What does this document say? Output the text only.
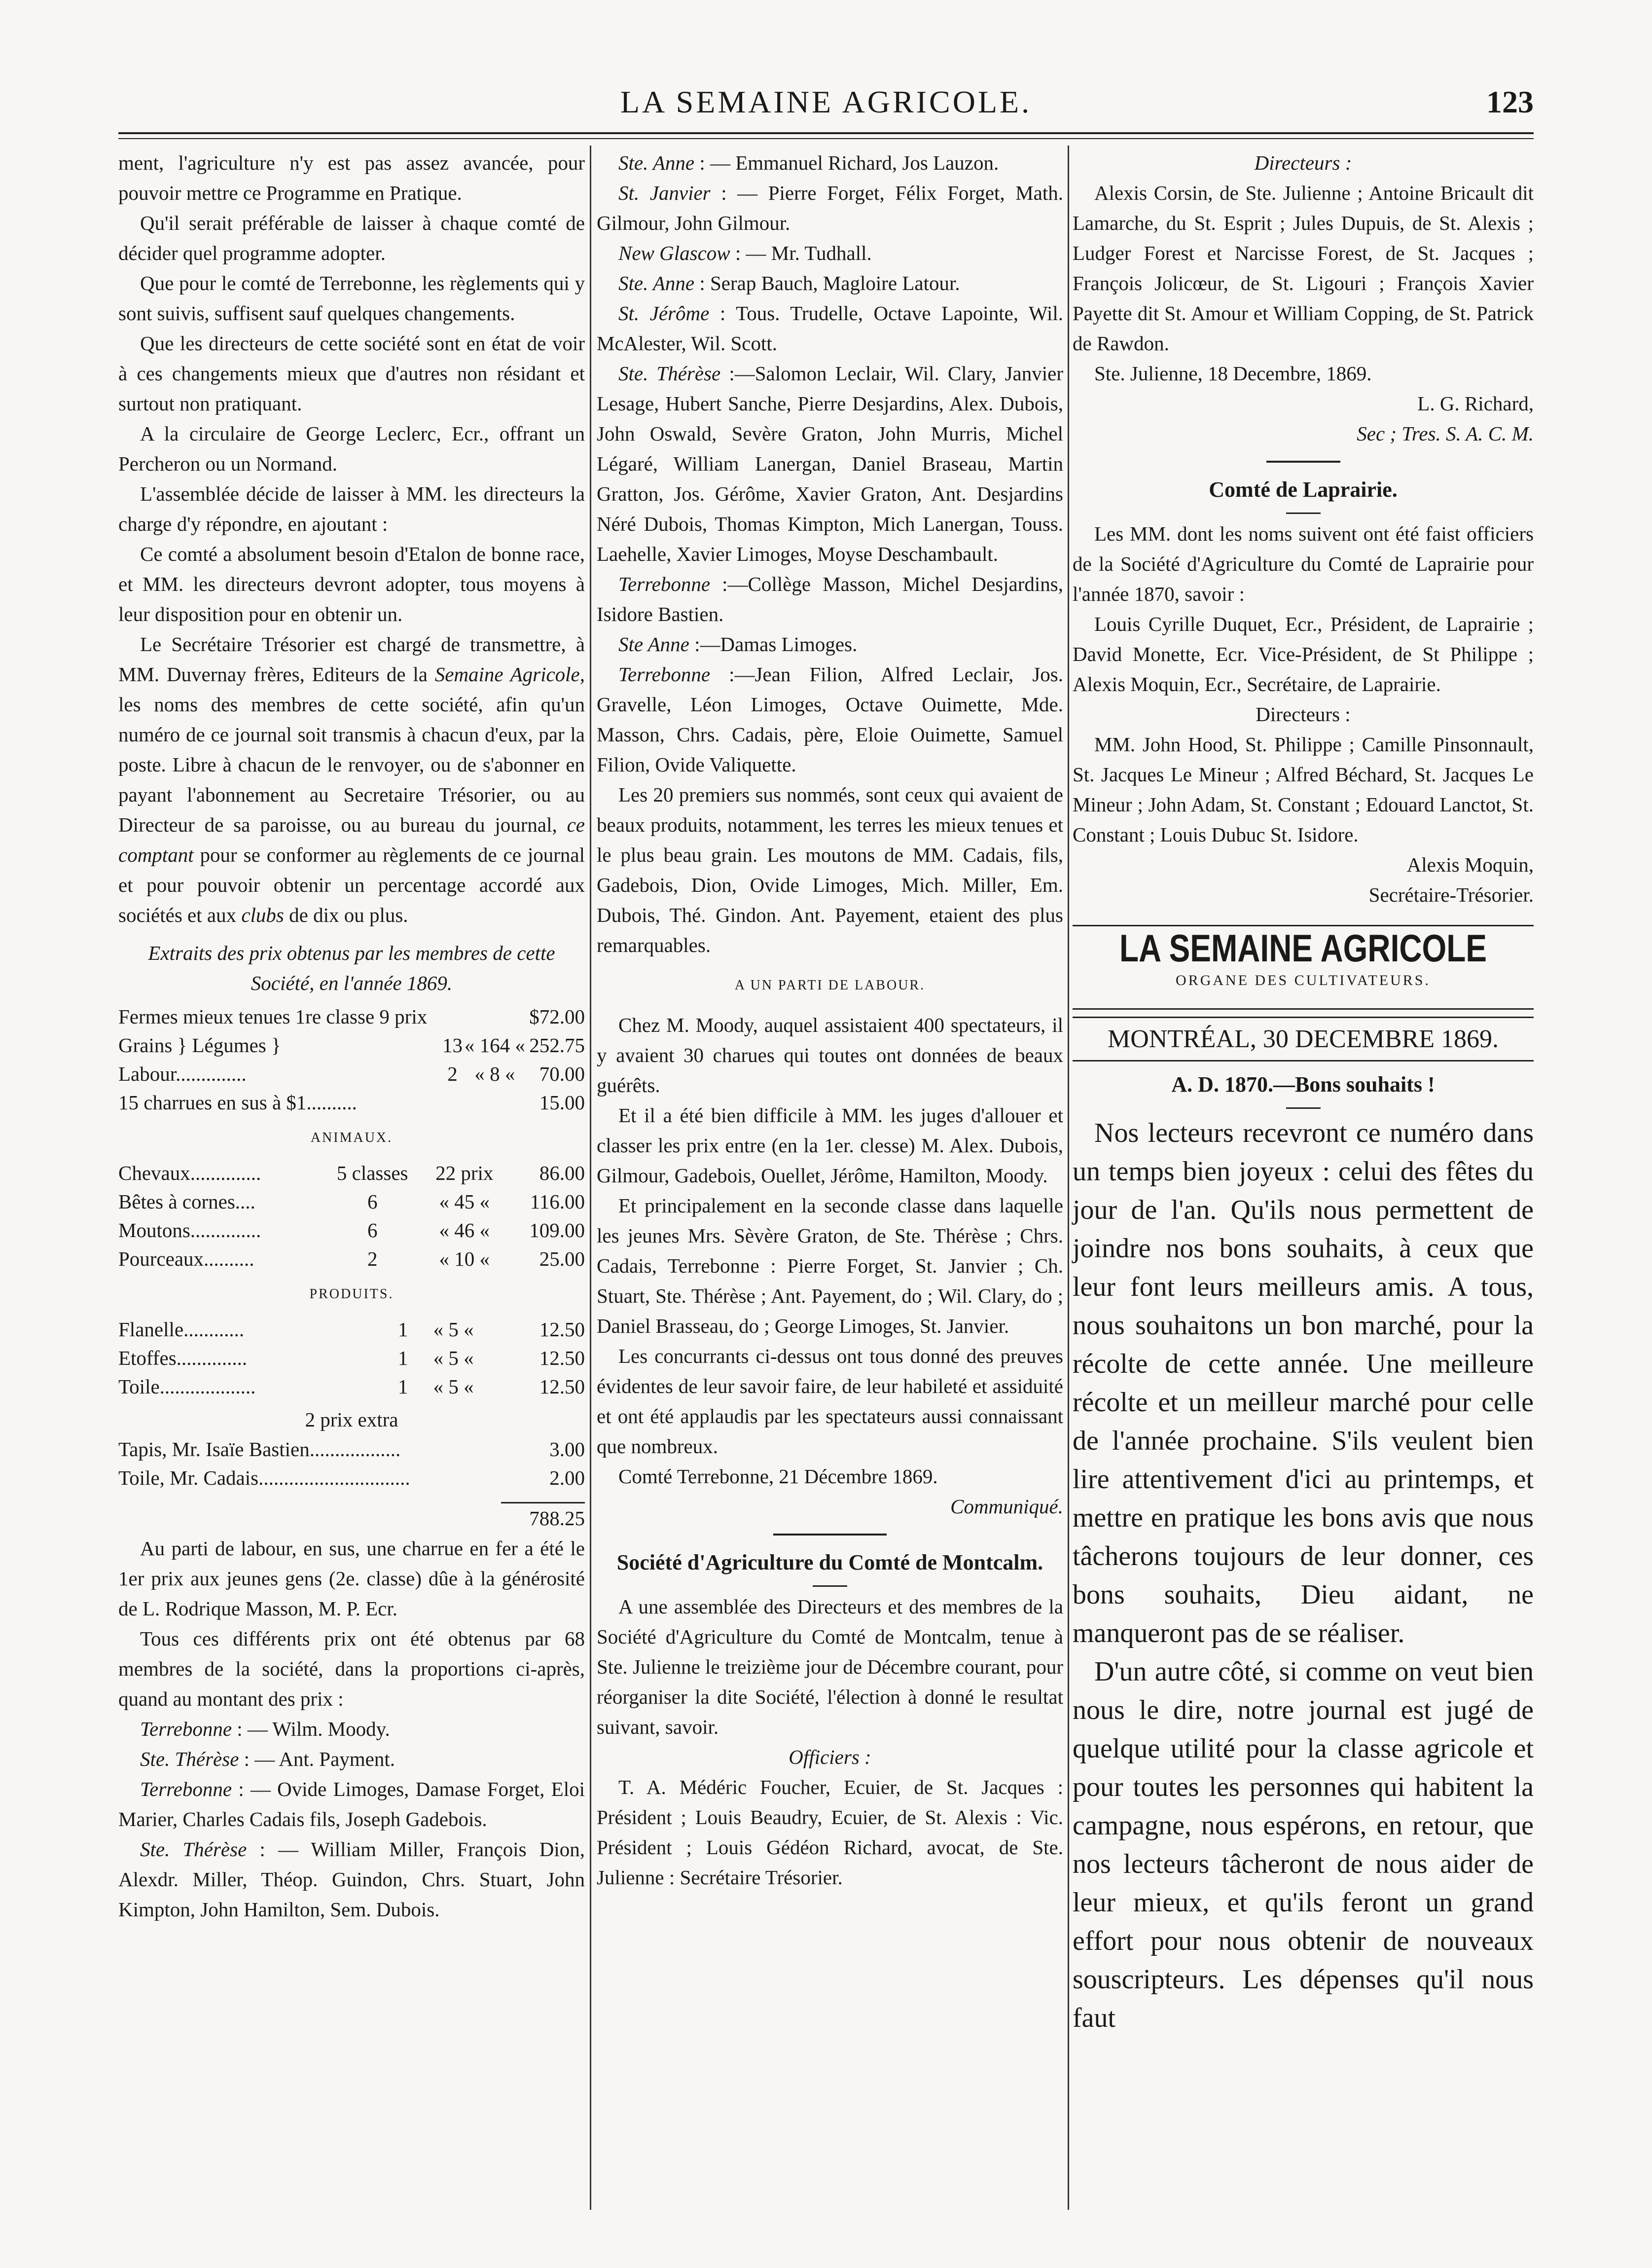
LA SEMAINE AGRICOLE.	123

ment, l'agriculture n'y est pas assez avancée, pour pouvoir mettre ce Programme en Pratique.

Qu'il serait préférable de laisser à chaque comté de décider quel programme adopter.

Que pour le comté de Terrebonne, les règlements qui y sont suivis, suffisent sauf quelques changements.

Que les directeurs de cette société sont en état de voir à ces changements mieux que d'autres non résidant et surtout non pratiquant.

A la circulaire de George Leclerc, Ecr., offrant un Percheron ou un Normand.

L'assemblée décide de laisser à MM. les directeurs la charge d'y répondre, en ajoutant :

Ce comté a absolument besoin d'Etalon de bonne race, et MM. les directeurs devront adopter, tous moyens à leur disposition pour en obtenir un.

Le Secrétaire Trésorier est chargé de transmettre, à MM. Duvernay frères, Editeurs de la Semaine Agricole, les noms des membres de cette société, afin qu'un numéro de ce journal soit transmis à chacun d'eux, par la poste. Libre à chacun de le renvoyer, ou de s'abonner en payant l'abonnement au Secretaire Trésorier, ou au Directeur de sa paroisse, ou au bureau du journal, ce comptant pour se conformer au règlements de ce journal et pour pouvoir obtenir un percentage accordé aux sociétés et aux clubs de dix ou plus.

Extraits des prix obtenus par les membres de cette Société, en l'année 1869.

Fermes mieux tenues 1re classe 9 prix			$72.00
Grains } Légumes }	13	« 164 «	252.75
Labour..............	2	« 8 «	70.00
15 charrues en sus à $1..........			15.00
ANIMAUX.
Chevaux..............	5 classes	22 prix	86.00
Bêtes à cornes....	6	« 45 «	116.00
Moutons..............	6	« 46 «	109.00
Pourceaux..........	2	« 10 «	25.00
PRODUITS.
Flanelle............	1	« 5 «	12.50
Etoffes..............	1	« 5 «	12.50
Toile...................	1	« 5 «	12.50

2 prix extra

Tapis, Mr. Isaïe Bastien..................	3.00
Toile, Mr. Cadais..............................	2.00
788.25

Au parti de labour, en sus, une charrue en fer a été le 1er prix aux jeunes gens (2e. classe) dûe à la générosité de L. Rodrique Masson, M. P. Ecr.

Tous ces différents prix ont été obtenus par 68 membres de la société, dans la proportions ci-après, quand au montant des prix :

Terrebonne : — Wilm. Moody.

Ste. Thérèse : — Ant. Payment.

Terrebonne : — Ovide Limoges, Damase Forget, Eloi Marier, Charles Cadais fils, Joseph Gadebois.

Ste. Thérèse : — William Miller, François Dion, Alexdr. Miller, Théop. Guindon, Chrs. Stuart, John Kimpton, John Hamilton, Sem. Dubois.

Ste. Anne : — Emmanuel Richard, Jos Lauzon.

St. Janvier : — Pierre Forget, Félix Forget, Math. Gilmour, John Gilmour.

New Glascow : — Mr. Tudhall.

Ste. Anne : Serap Bauch, Magloire Latour.

St. Jérôme : Tous. Trudelle, Octave Lapointe, Wil. McAlester, Wil. Scott.

Ste. Thérèse :—Salomon Leclair, Wil. Clary, Janvier Lesage, Hubert Sanche, Pierre Desjardins, Alex. Dubois, John Oswald, Sevère Graton, John Murris, Michel Légaré, William Lanergan, Daniel Braseau, Martin Gratton, Jos. Gérôme, Xavier Graton, Ant. Desjardins Néré Dubois, Thomas Kimpton, Mich Lanergan, Touss. Laehelle, Xavier Limoges, Moyse Deschambault.

Terrebonne :—Collège Masson, Michel Desjardins, Isidore Bastien.

Ste Anne :—Damas Limoges.

Terrebonne :—Jean Filion, Alfred Leclair, Jos. Gravelle, Léon Limoges, Octave Ouimette, Mde. Masson, Chrs. Cadais, père, Eloie Ouimette, Samuel Filion, Ovide Valiquette.

Les 20 premiers sus nommés, sont ceux qui avaient de beaux produits, notamment, les terres les mieux tenues et le plus beau grain. Les moutons de MM. Cadais, fils, Gadebois, Dion, Ovide Limoges, Mich. Miller, Em. Dubois, Thé. Gindon. Ant. Payement, etaient des plus remarquables.

A UN PARTI DE LABOUR.

Chez M. Moody, auquel assistaient 400 spectateurs, il y avaient 30 charues qui toutes ont données de beaux guérêts.

Et il a été bien difficile à MM. les juges d'allouer et classer les prix entre (en la 1er. clesse) M. Alex. Dubois, Gilmour, Gadebois, Ouellet, Jérôme, Hamilton, Moody.

Et principalement en la seconde classe dans laquelle les jeunes Mrs. Sèvère Graton, de Ste. Thérèse ; Chrs. Cadais, Terrebonne : Pierre Forget, St. Janvier ; Ch. Stuart, Ste. Thérèse ; Ant. Payement, do ; Wil. Clary, do ; Daniel Brasseau, do ; George Limoges, St. Janvier.

Les concurrants ci-dessus ont tous donné des preuves évidentes de leur savoir faire, de leur habileté et assiduité et ont été applaudis par les spectateurs aussi connaissant que nombreux.

Comté Terrebonne, 21 Décembre 1869.

Communiqué.

Société d'Agriculture du Comté de Montcalm.

A une assemblée des Directeurs et des membres de la Société d'Agriculture du Comté de Montcalm, tenue à Ste. Julienne le treizième jour de Décembre courant, pour réorganiser la dite Société, l'élection à donné le resultat suivant, savoir.

Officiers :

T. A. Médéric Foucher, Ecuier, de St. Jacques : Président ; Louis Beaudry, Ecuier, de St. Alexis : Vic. Président ; Louis Gédéon Richard, avocat, de Ste. Julienne : Secrétaire Trésorier.

Directeurs :

Alexis Corsin, de Ste. Julienne ; Antoine Bricault dit Lamarche, du St. Esprit ; Jules Dupuis, de St. Alexis ; Ludger Forest et Narcisse Forest, de St. Jacques ; François Jolicœur, de St. Ligouri ; François Xavier Payette dit St. Amour et William Copping, de St. Patrick de Rawdon.

Ste. Julienne, 18 Decembre, 1869.

L. G. Richard,

Sec ; Tres. S. A. C. M.

Comté de Laprairie.

Les MM. dont les noms suivent ont été faist officiers de la Société d'Agriculture du Comté de Laprairie pour l'année 1870, savoir :

Louis Cyrille Duquet, Ecr., Président, de Laprairie ; David Monette, Ecr. Vice-Président, de St Philippe ; Alexis Moquin, Ecr., Secrétaire, de Laprairie.

Directeurs :

MM. John Hood, St. Philippe ; Camille Pinsonnault, St. Jacques Le Mineur ; Alfred Béchard, St. Jacques Le Mineur ; John Adam, St. Constant ; Edouard Lanctot, St. Constant ; Louis Dubuc St. Isidore.

Alexis Moquin,

Secrétaire-Trésorier.

LA SEMAINE AGRICOLE
ORGANE DES CULTIVATEURS.
MONTRÉAL, 30 DECEMBRE 1869.
A. D. 1870.—Bons souhaits !

Nos lecteurs recevront ce numéro dans un temps bien joyeux : celui des fêtes du jour de l'an. Qu'ils nous permettent de joindre nos bons souhaits, à ceux que leur font leurs meilleurs amis. A tous, nous souhaitons un bon marché, pour la récolte de cette année. Une meilleure récolte et un meilleur marché pour celle de l'année prochaine. S'ils veulent bien lire attentivement d'ici au printemps, et mettre en pratique les bons avis que nous tâcherons toujours de leur donner, ces bons souhaits, Dieu aidant, ne manqueront pas de se réaliser.

D'un autre côté, si comme on veut bien nous le dire, notre journal est jugé de quelque utilité pour la classe agricole et pour toutes les personnes qui habitent la campagne, nous espérons, en retour, que nos lecteurs tâcheront de nous aider de leur mieux, et qu'ils feront un grand effort pour nous obtenir de nouveaux souscripteurs. Les dépenses qu'il nous faut
